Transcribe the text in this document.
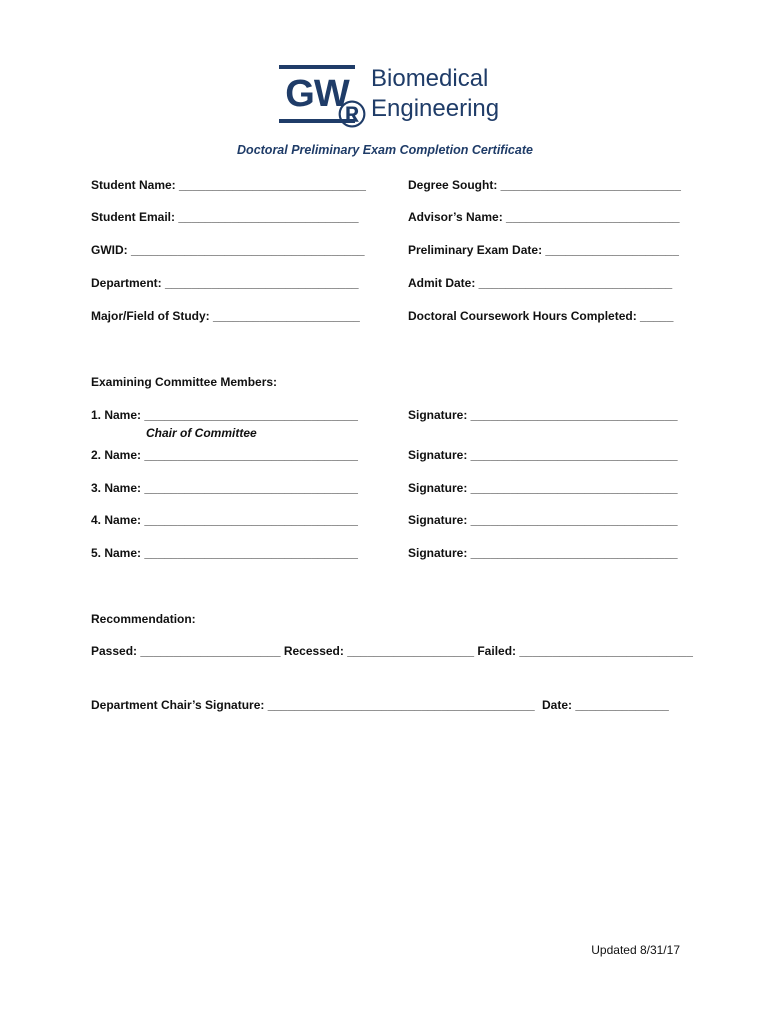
GW
®
Biomedical
Engineering
Doctoral Preliminary Exam Completion Certificate
Student Name: ____________________________
Student Email: ___________________________
GWID: ___________________________________
Department: _____________________________
Major/Field of Study: ______________________
Degree Sought: ___________________________
Advisor’s Name: __________________________
Preliminary Exam Date: ____________________
Admit Date: _____________________________
Doctoral Coursework Hours Completed: _____
Examining Committee Members:
1. Name: ________________________________
Chair of Committee
2. Name: ________________________________
3. Name: ________________________________
4. Name: ________________________________
5. Name: ________________________________
Signature: _______________________________
Signature: _______________________________
Signature: _______________________________
Signature: _______________________________
Signature: _______________________________
Recommendation:
Passed: _____________________ Recessed: ___________________ Failed: __________________________
Department Chair’s Signature: ________________________________________ Date: ______________
Updated 8/31/17
